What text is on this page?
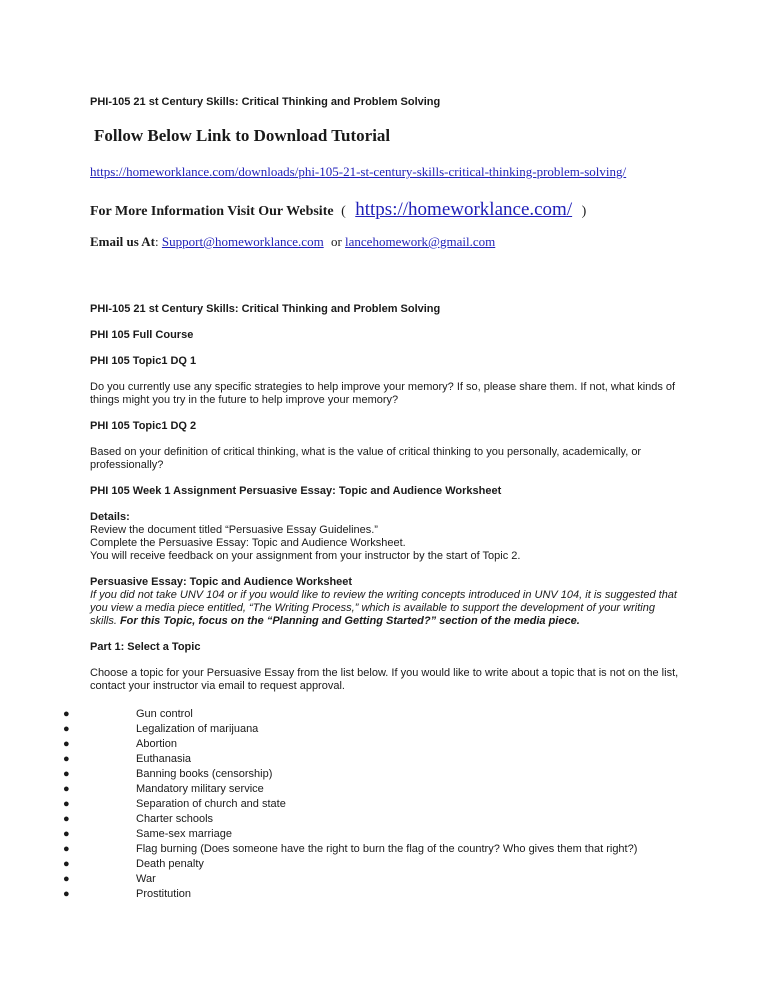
PHI-105 21 st Century Skills: Critical Thinking and Problem Solving
Follow Below Link to Download Tutorial
https://homeworklance.com/downloads/phi-105-21-st-century-skills-critical-thinking-problem-solving/
For More Information Visit Our Website ( https://homeworklance.com/ )
Email us At: Support@homeworklance.com or lancehomework@gmail.com
PHI-105 21 st Century Skills: Critical Thinking and Problem Solving
PHI 105 Full Course
PHI 105 Topic1 DQ 1
Do you currently use any specific strategies to help improve your memory? If so, please share them. If not, what kinds of things might you try in the future to help improve your memory?
PHI 105 Topic1 DQ 2
Based on your definition of critical thinking, what is the value of critical thinking to you personally, academically, or professionally?
PHI 105 Week 1 Assignment Persuasive Essay: Topic and Audience Worksheet
Details:
Review the document titled “Persuasive Essay Guidelines.”
Complete the Persuasive Essay: Topic and Audience Worksheet.
You will receive feedback on your assignment from your instructor by the start of Topic 2.
Persuasive Essay: Topic and Audience Worksheet
If you did not take UNV 104 or if you would like to review the writing concepts introduced in UNV 104, it is suggested that you view a media piece entitled, “The Writing Process,” which is available to support the development of your writing skills. For this Topic, focus on the “Planning and Getting Started?” section of the media piece.
Part 1: Select a Topic
Choose a topic for your Persuasive Essay from the list below. If you would like to write about a topic that is not on the list, contact your instructor via email to request approval.
●	Gun control
●	Legalization of marijuana
●	Abortion
●	Euthanasia
●	Banning books (censorship)
●	Mandatory military service
●	Separation of church and state
●	Charter schools
●	Same-sex marriage
●	Flag burning (Does someone have the right to burn the flag of the country? Who gives them that right?)
●	Death penalty
●	War
●	Prostitution
